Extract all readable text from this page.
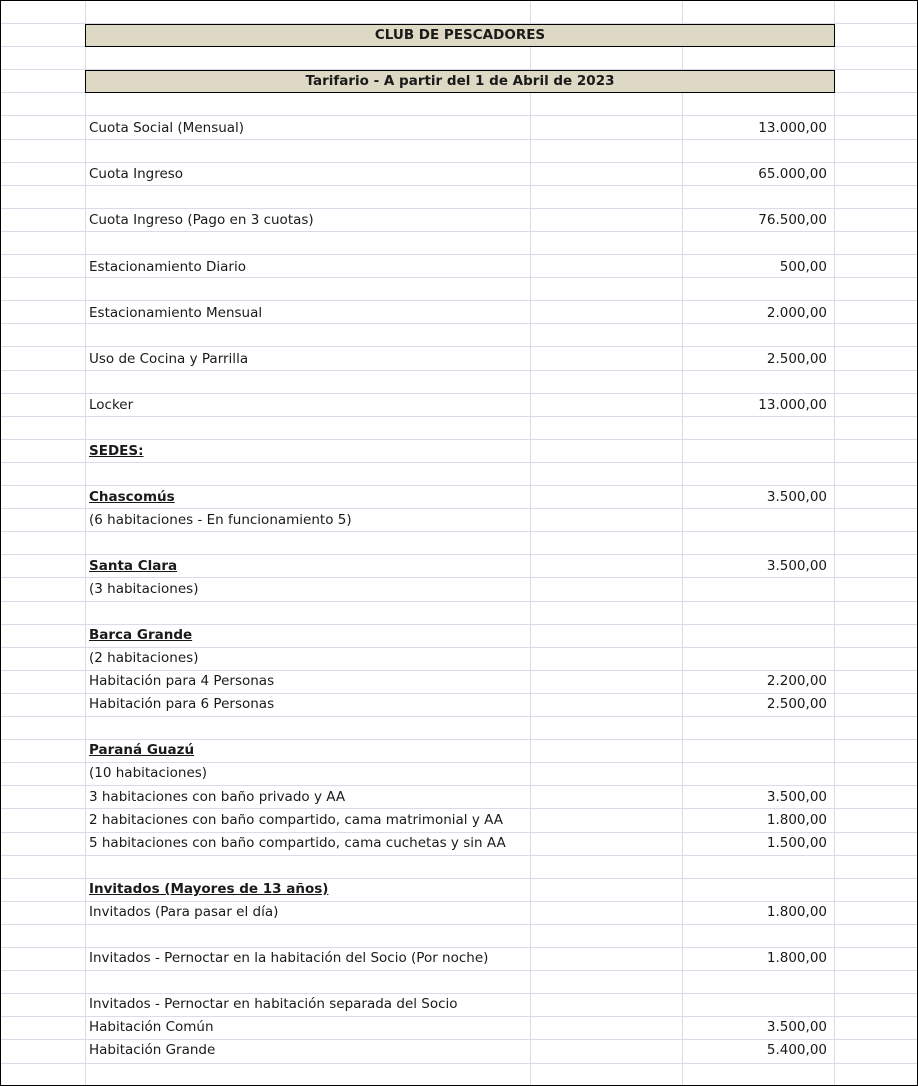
CLUB DE PESCADORES
Tarifario - A partir del 1 de Abril de 2023
Cuota Social (Mensual)	13.000,00
Cuota Ingreso	65.000,00
Cuota Ingreso (Pago en 3 cuotas)	76.500,00
Estacionamiento Diario	500,00
Estacionamiento Mensual	2.000,00
Uso de Cocina y Parrilla	2.500,00
Locker	13.000,00
SEDES:
Chascomús	3.500,00
(6 habitaciones - En funcionamiento 5)
Santa Clara	3.500,00
(3 habitaciones)
Barca Grande
(2 habitaciones)
Habitación para 4 Personas	2.200,00
Habitación para 6 Personas	2.500,00
Paraná Guazú
(10 habitaciones)
3 habitaciones con baño privado y AA	3.500,00
2 habitaciones con baño compartido, cama matrimonial y AA	1.800,00
5 habitaciones con baño compartido, cama cuchetas y sin AA	1.500,00
Invitados (Mayores de 13 años)
Invitados (Para pasar el día)	1.800,00
Invitados - Pernoctar en la habitación del Socio (Por noche)	1.800,00
Invitados - Pernoctar en habitación separada del Socio
Habitación Común	3.500,00
Habitación Grande	5.400,00
